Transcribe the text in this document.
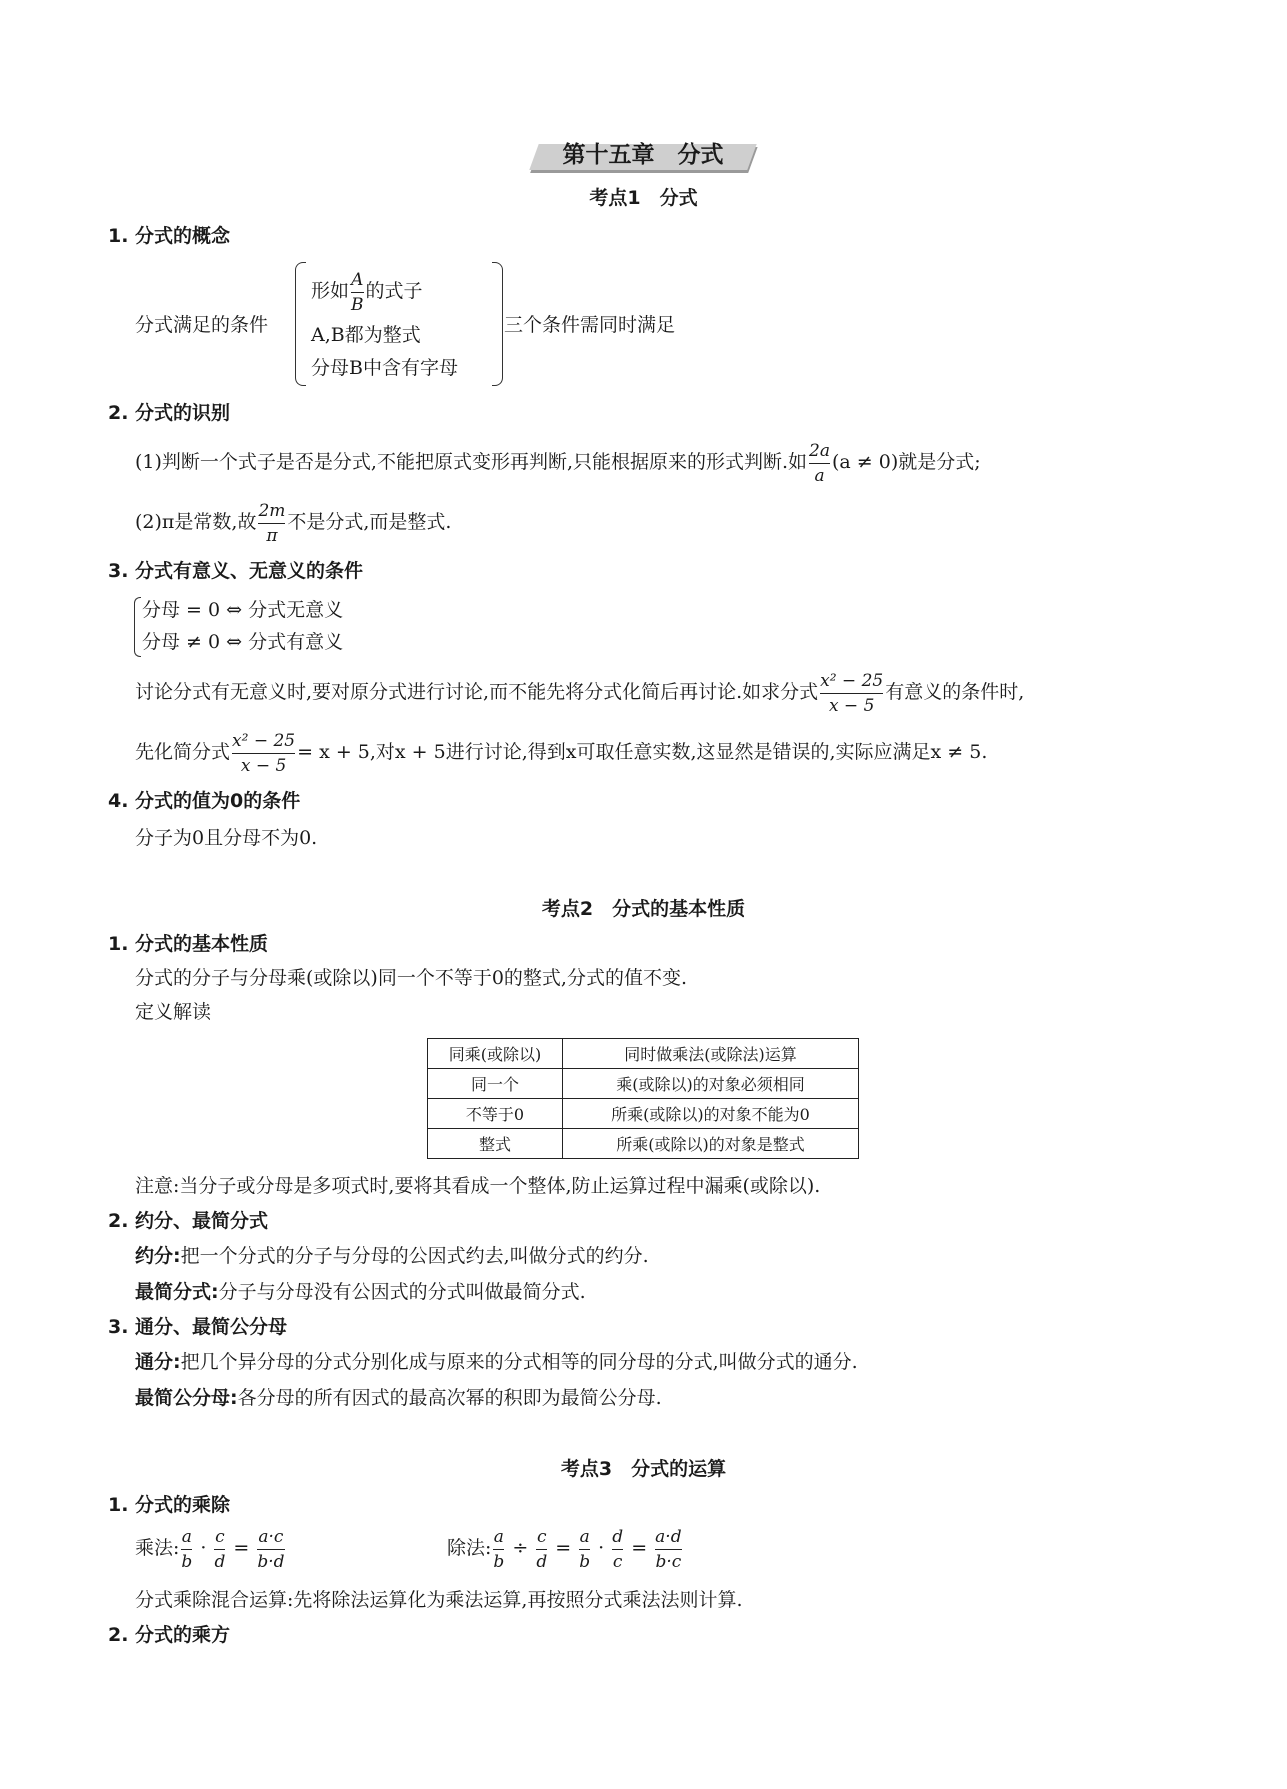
第十五章　分式
考点1　分式
1. 分式的概念
分式满足的条件
形如 $\frac{A}{B}$ 的式子
A,B都为整式
分母B中含有字母
三个条件需同时满足
2. 分式的识别
(1)判断一个式子是否是分式,不能把原式变形再判断,只能根据原来的形式判断.如 $\frac{2a}{a} (a \ne 0)$就是分式;
(2)π是常数,故 $\frac{2m}{\pi}$ 不是分式,而是整式.
3. 分式有意义、无意义的条件
分母 = 0 ⇔ 分式无意义
分母 ≠ 0 ⇔ 分式有意义
讨论分式有无意义时,要对原分式进行讨论,而不能先将分式化简后再讨论.如求分式 $\frac{\text{x² − 25}}{x - 5}$ 有意义的条件时,
先化简分式 $\frac{\text{x² − 25}}{x - 5} = x + 5$,对x + 5进行讨论,得到x可取任意实数,这显然是错误的,实际应满足x ≠ 5.
4. 分式的值为0的条件
分子为0且分母不为0.
考点2　分式的基本性质
1. 分式的基本性质
分式的分子与分母乘(或除以)同一个不等于0的整式,分式的值不变.
定义解读
同乘(或除以)	同时做乘法(或除法)运算
同一个	乘(或除以)的对象必须相同
不等于0	所乘(或除以)的对象不能为0
整式	所乘(或除以)的对象是整式
注意:当分子或分母是多项式时,要将其看成一个整体,防止运算过程中漏乘(或除以).
2. 约分、最简分式
约分:把一个分式的分子与分母的公因式约去,叫做分式的约分.
最简分式:分子与分母没有公因式的分式叫做最简分式.
3. 通分、最简公分母
通分:把几个异分母的分式分别化成与原来的分式相等的同分母的分式,叫做分式的通分.
最简公分母:各分母的所有因式的最高次幂的积即为最简公分母.
考点3　分式的运算
1. 分式的乘除
乘法: $\frac{a}{b} \cdot \frac{c}{d} = \frac{a\cdot c}{b\cdot d}$	除法: $\frac{a}{b} \div \frac{c}{d} = \frac{a}{b} \cdot \frac{d}{c} = \frac{a\cdot d}{b\cdot c}$
分式乘除混合运算:先将除法运算化为乘法运算,再按照分式乘法法则计算.
2. 分式的乘方
